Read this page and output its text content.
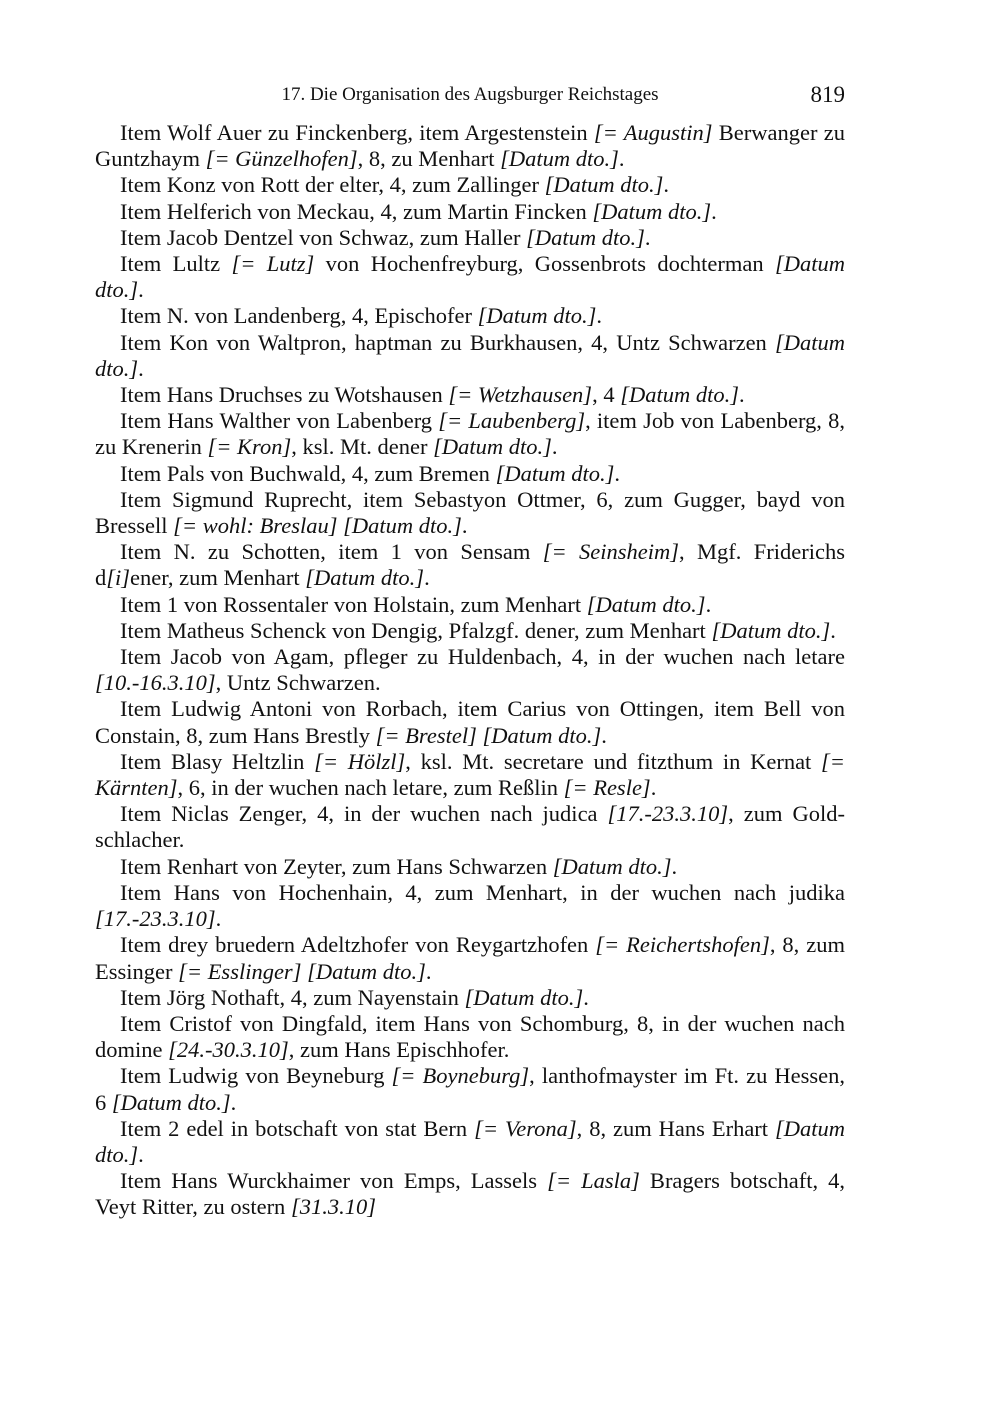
17. Die Organisation des Augsburger Reichstages	819

Item Wolf Auer zu Finckenberg, item Argestenstein [= Augustin] Berwanger zu Guntzhaym [= Günzelhofen], 8, zu Menhart [Datum dto.].

Item Konz von Rott der elter, 4, zum Zallinger [Datum dto.].

Item Helferich von Meckau, 4, zum Martin Fincken [Datum dto.].

Item Jacob Dentzel von Schwaz, zum Haller [Datum dto.].

Item Lultz [= Lutz] von Hochenfreyburg, Gossenbrots dochterman [Datum dto.].

Item N. von Landenberg, 4, Epischofer [Datum dto.].

Item Kon von Waltpron, haptman zu Burkhausen, 4, Untz Schwarzen [Datum dto.].

Item Hans Druchses zu Wotshausen [= Wetzhausen], 4 [Datum dto.].

Item Hans Walther von Labenberg [= Laubenberg], item Job von Labenberg, 8, zu Krenerin [= Kron], ksl. Mt. dener [Datum dto.].

Item Pals von Buchwald, 4, zum Bremen [Datum dto.].

Item Sigmund Ruprecht, item Sebastyon Ottmer, 6, zum Gugger, bayd von Bressell [= wohl: Breslau] [Datum dto.].

Item N. zu Schotten, item 1 von Sensam [= Seinsheim], Mgf. Friderichs d[i]ener, zum Menhart [Datum dto.].

Item 1 von Rossentaler von Holstain, zum Menhart [Datum dto.].

Item Matheus Schenck von Dengig, Pfalzgf. dener, zum Menhart [Datum dto.].

Item Jacob von Agam, pfleger zu Huldenbach, 4, in der wuchen nach letare [10.-16.3.10], Untz Schwarzen.

Item Ludwig Antoni von Rorbach, item Carius von Ottingen, item Bell von Constain, 8, zum Hans Brestly [= Brestel] [Datum dto.].

Item Blasy Heltzlin [= Hölzl], ksl. Mt. secretare und fitzthum in Kernat [= Kärnten], 6, in der wuchen nach letare, zum Reßlin [= Resle].

Item Niclas Zenger, 4, in der wuchen nach judica [17.-23.3.10], zum Gold-schlacher.

Item Renhart von Zeyter, zum Hans Schwarzen [Datum dto.].

Item Hans von Hochenhain, 4, zum Menhart, in der wuchen nach judika [17.-23.3.10].

Item drey bruedern Adeltzhofer von Reygartzhofen [= Reichertshofen], 8, zum Essinger [= Esslinger] [Datum dto.].

Item Jörg Nothaft, 4, zum Nayenstain [Datum dto.].

Item Cristof von Dingfald, item Hans von Schomburg, 8, in der wuchen nach domine [24.-30.3.10], zum Hans Epischhofer.

Item Ludwig von Beyneburg [= Boyneburg], lanthofmayster im Ft. zu Hessen, 6 [Datum dto.].

Item 2 edel in botschaft von stat Bern [= Verona], 8, zum Hans Erhart [Datum dto.].

Item Hans Wurckhaimer von Emps, Lassels [= Lasla] Bragers botschaft, 4, Veyt Ritter, zu ostern [31.3.10]
